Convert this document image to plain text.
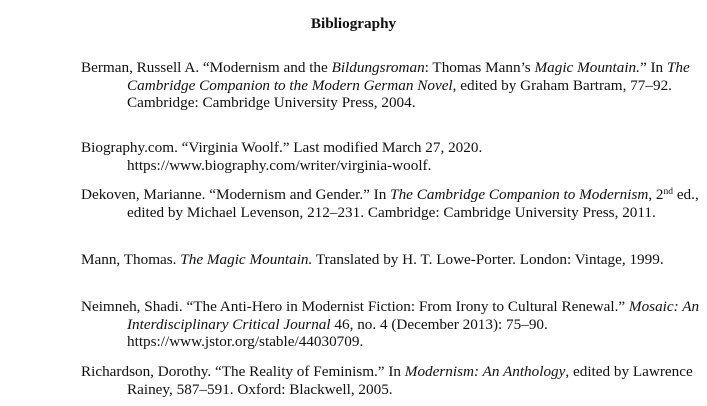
Bibliography

Berman, Russell A. “Modernism and the Bildungsroman: Thomas Mann’s Magic Mountain.” In The Cambridge Companion to the Modern German Novel, edited by Graham Bartram, 77–92. Cambridge: Cambridge University Press, 2004.

Biography.com. “Virginia Woolf.” Last modified March 27, 2020. https://www.biography.com/writer/virginia-woolf.

Dekoven, Marianne. “Modernism and Gender.” In The Cambridge Companion to Modernism, 2nd ed., edited by Michael Levenson, 212–231. Cambridge: Cambridge University Press, 2011.

Mann, Thomas. The Magic Mountain. Translated by H. T. Lowe-Porter. London: Vintage, 1999.

Neimneh, Shadi. “The Anti-Hero in Modernist Fiction: From Irony to Cultural Renewal.” Mosaic: An Interdisciplinary Critical Journal 46, no. 4 (December 2013): 75–90. https://www.jstor.org/stable/44030709.

Richardson, Dorothy. “The Reality of Feminism.” In Modernism: An Anthology, edited by Lawrence Rainey, 587–591. Oxford: Blackwell, 2005.
